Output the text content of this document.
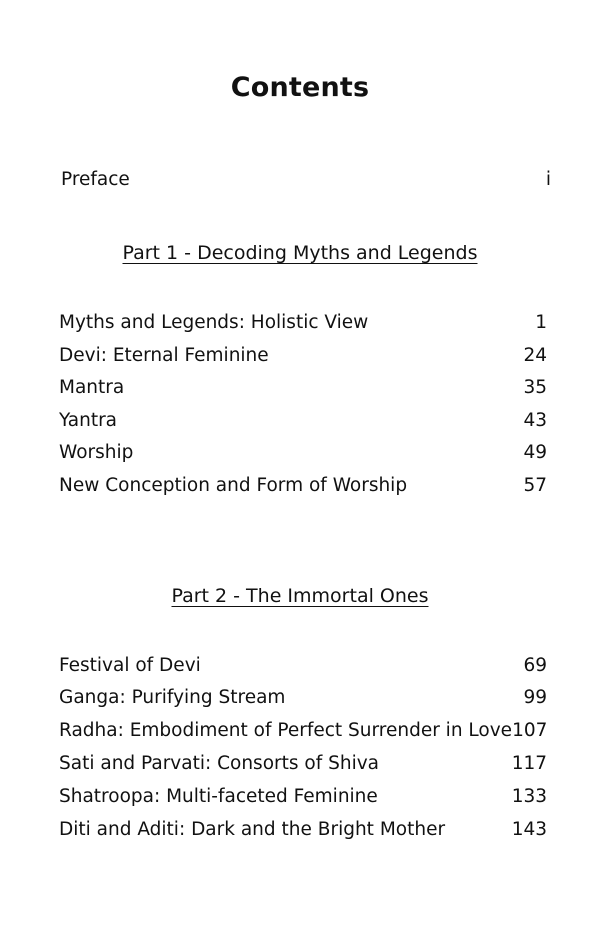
Contents
Preface	i
Part 1 - Decoding Myths and Legends
Myths and Legends: Holistic View	1
Devi: Eternal Feminine	24
Mantra	35
Yantra	43
Worship	49
New Conception and Form of Worship	57
Part 2 - The Immortal Ones
Festival of Devi	69
Ganga: Purifying Stream	99
Radha: Embodiment of Perfect Surrender in Love 107
Sati and Parvati: Consorts of Shiva	117
Shatroopa: Multi-faceted Feminine	133
Diti and Aditi: Dark and the Bright Mother	143
